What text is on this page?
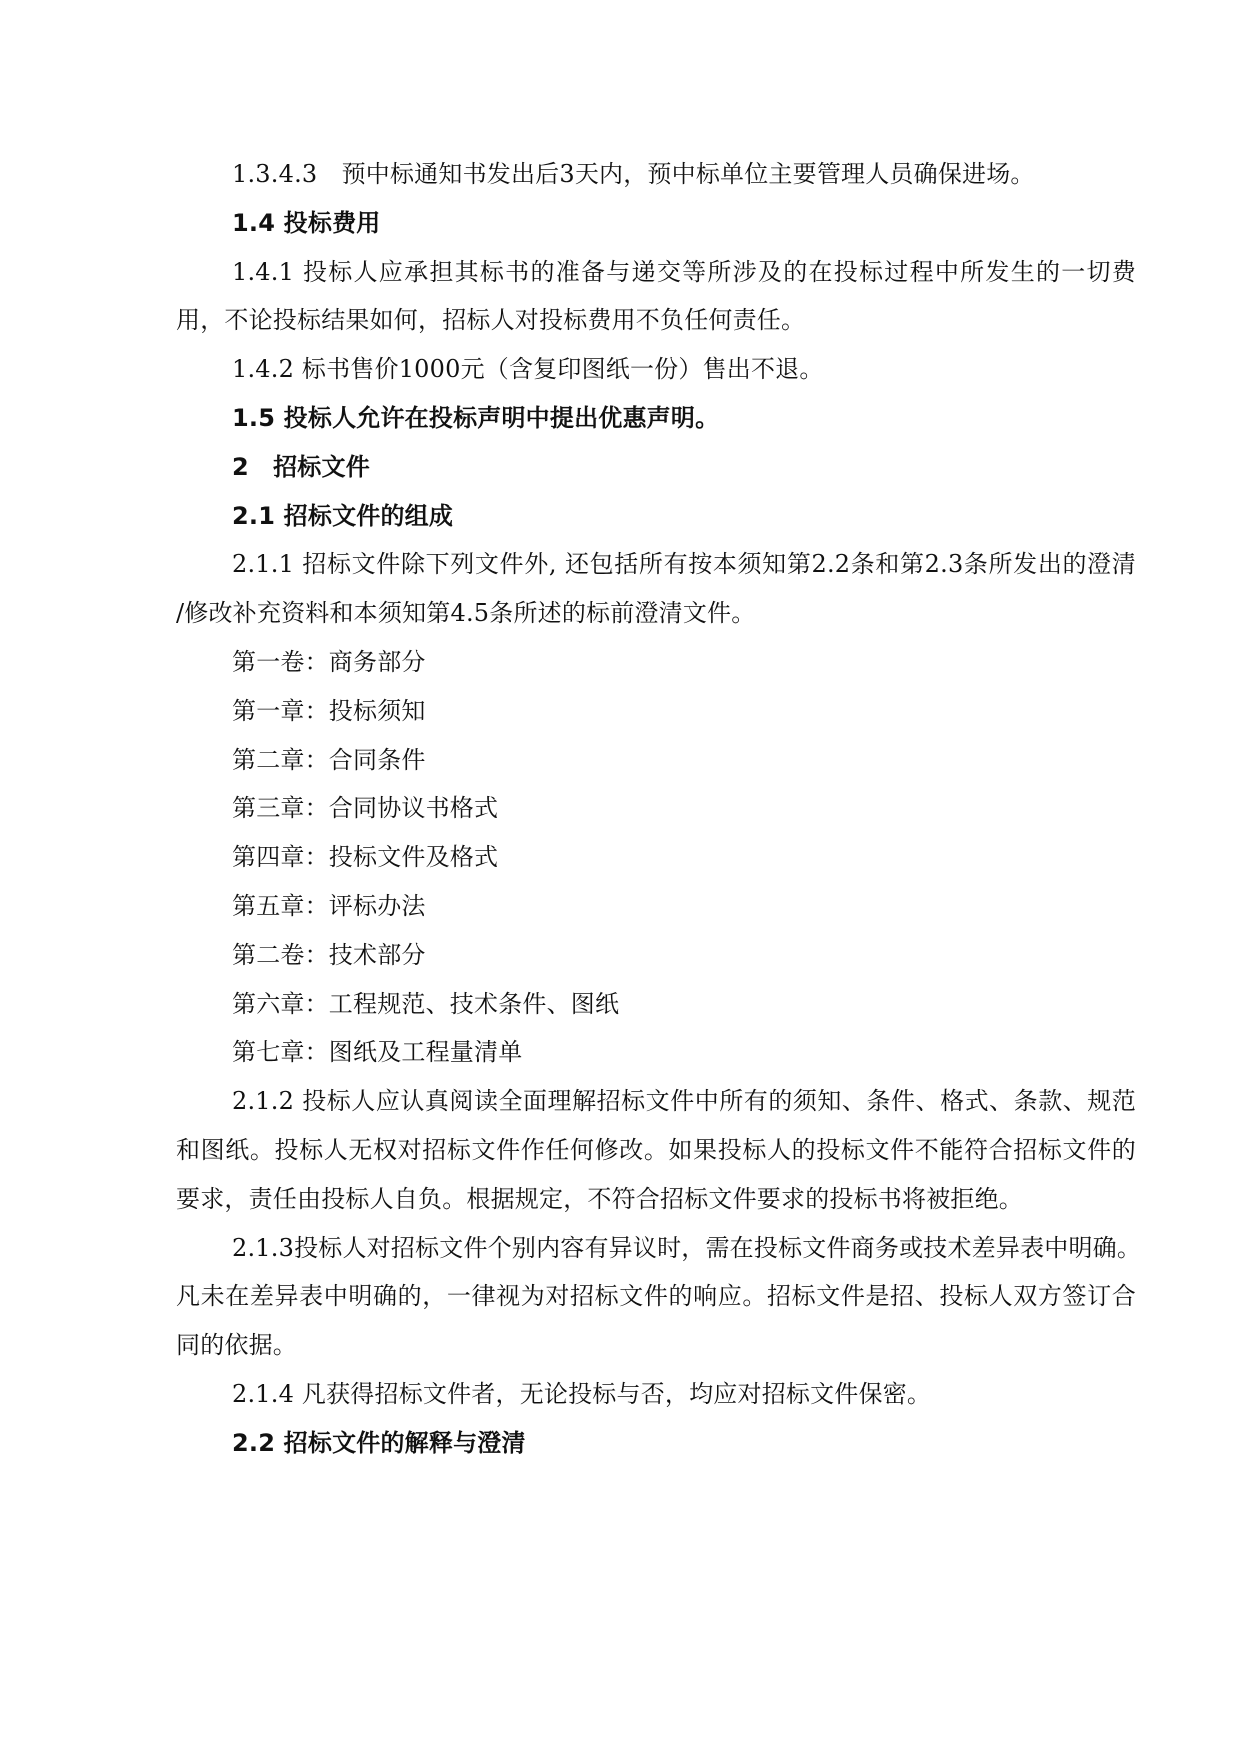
1.3.4.3　预中标通知书发出后3天内，预中标单位主要管理人员确保进场。
1.4 投标费用
1.4.1 投标人应承担其标书的准备与递交等所涉及的在投标过程中所发生的一切费
用，不论投标结果如何，招标人对投标费用不负任何责任。
1.4.2 标书售价1000元（含复印图纸一份）售出不退。
1.5 投标人允许在投标声明中提出优惠声明。
2　招标文件
2.1 招标文件的组成
2.1.1 招标文件除下列文件外, 还包括所有按本须知第2.2条和第2.3条所发出的澄清
/修改补充资料和本须知第4.5条所述的标前澄清文件。
第一卷：商务部分
第一章：投标须知
第二章：合同条件
第三章：合同协议书格式
第四章：投标文件及格式
第五章：评标办法
第二卷：技术部分
第六章：工程规范、技术条件、图纸
第七章：图纸及工程量清单
2.1.2 投标人应认真阅读全面理解招标文件中所有的须知、条件、格式、条款、规范
和图纸。投标人无权对招标文件作任何修改。如果投标人的投标文件不能符合招标文件的
要求，责任由投标人自负。根据规定，不符合招标文件要求的投标书将被拒绝。
2.1.3投标人对招标文件个别内容有异议时，需在投标文件商务或技术差异表中明确。
凡未在差异表中明确的，一律视为对招标文件的响应。招标文件是招、投标人双方签订合
同的依据。
2.1.4 凡获得招标文件者，无论投标与否，均应对招标文件保密。
2.2 招标文件的解释与澄清
